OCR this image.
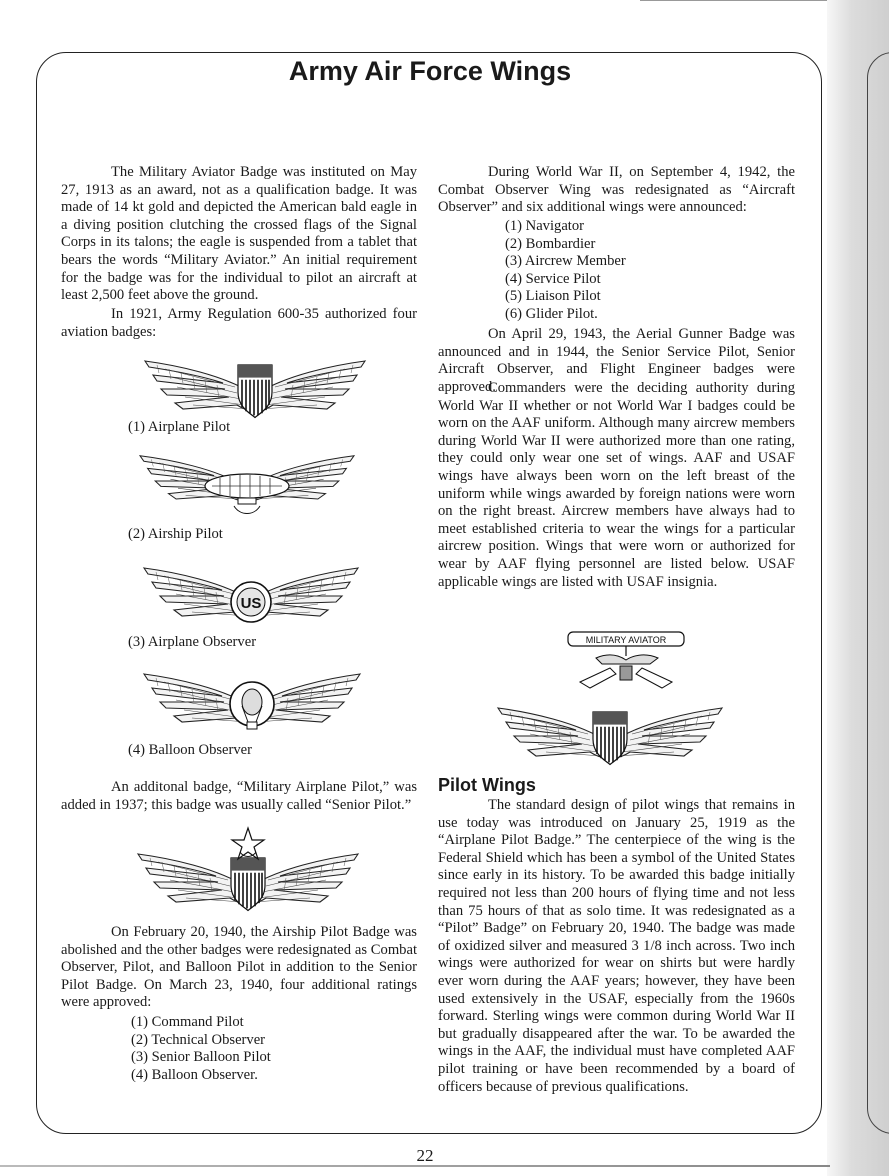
Army Air Force Wings

The Military Aviator Badge was instituted on May 27, 1913 as an award, not as a qualification badge. It was made of 14 kt gold and depicted the American bald eagle in a diving position clutching the crossed flags of the Signal Corps in its talons; the eagle is suspended from a tablet that bears the words “Military Aviator.” An initial requirement for the badge was for the individual to pilot an aircraft at least 2,500 feet above the ground.

In 1921, Army Regulation 600-35 authorized four aviation badges:

(1) Airplane Pilot
(2) Airship Pilot
US
(3) Airplane Observer
(4) Balloon Observer

An additonal badge, “Military Airplane Pilot,” was added in 1937; this badge was usually called “Senior Pilot.”

On February 20, 1940, the Airship Pilot Badge was abolished and the other badges were redesignated as Combat Observer, Pilot, and Balloon Pilot in addition to the Senior Pilot Badge. On March 23, 1940, four additional ratings were approved:

(1) Command Pilot
(2) Technical Observer
(3) Senior Balloon Pilot
(4) Balloon Observer.

During World War II, on September 4, 1942, the Combat Observer Wing was redesignated as “Aircraft Observer” and six additional wings were announced:

(1) Navigator
(2) Bombardier
(3) Aircrew Member
(4) Service Pilot
(5) Liaison Pilot
(6) Glider Pilot.

On April 29, 1943, the Aerial Gunner Badge was announced and in 1944, the Senior Service Pilot, Senior Aircraft Observer, and Flight Engineer badges were approved.

Commanders were the deciding authority during World War II whether or not World War I badges could be worn on the AAF uniform. Although many aircrew members during World War II were authorized more than one rating, they could only wear one set of wings. AAF and USAF wings have always been worn on the left breast of the uniform while wings awarded by foreign nations were worn on the right breast. Aircrew members have always had to meet established criteria to wear the wings for a particular aircrew position. Wings that were worn or authorized for wear by AAF flying personnel are listed below. USAF applicable wings are listed with USAF insignia.

MILITARY AVIATOR
Pilot Wings

The standard design of pilot wings that remains in use today was introduced on January 25, 1919 as the “Airplane Pilot Badge.” The centerpiece of the wing is the Federal Shield which has been a symbol of the United States since early in its history. To be awarded this badge initially required not less than 200 hours of flying time and not less than 75 hours of that as solo time. It was redesignated as a “Pilot” Badge” on February 20, 1940. The badge was made of oxidized silver and measured 3 1/8 inch across. Two inch wings were authorized for wear on shirts but were hardly ever worn during the AAF years; however, they have been used extensively in the USAF, especially from the 1960s forward. Sterling wings were common during World War II but gradually disappeared after the war. To be awarded the wings in the AAF, the individual must have completed AAF pilot training or have been recommended by a board of officers because of previous qualifications.

22
